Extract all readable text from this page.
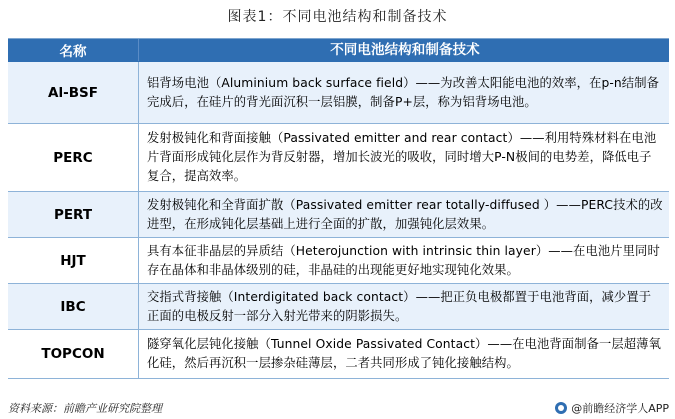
图表1：不同电池结构和制备技术
名称	不同电池结构和制备技术
Al-BSF
铝背场电池（Aluminium back surface field）——为改善太阳能电池的效率，在p-n结制备完成后，在硅片的背光面沉积一层铝膜，制备P+层，称为铝背场电池。
PERC
发射极钝化和背面接触（Passivated emitter and rear contact）——利用特殊材料在电池片背面形成钝化层作为背反射器，增加长波光的吸收，同时增大P-N极间的电势差，降低电子复合，提高效率。
PERT
发射极钝化和全背面扩散（Passivated emitter rear totally-diffused ）——PERC技术的改进型，在形成钝化层基础上进行全面的扩散，加强钝化层效果。
HJT
具有本征非晶层的异质结（Heterojunction with intrinsic thin layer）——在电池片里同时存在晶体和非晶体级别的硅，非晶硅的出现能更好地实现钝化效果。
IBC
交指式背接触（Interdigitated back contact）——把正负电极都置于电池背面，减少置于正面的电极反射一部分入射光带来的阴影损失。
TOPCON
隧穿氧化层钝化接触（Tunnel Oxide Passivated Contact）——在电池背面制备一层超薄氧化硅，然后再沉积一层掺杂硅薄层，二者共同形成了钝化接触结构。
资料来源：前瞻产业研究院整理	@前瞻经济学人APP
